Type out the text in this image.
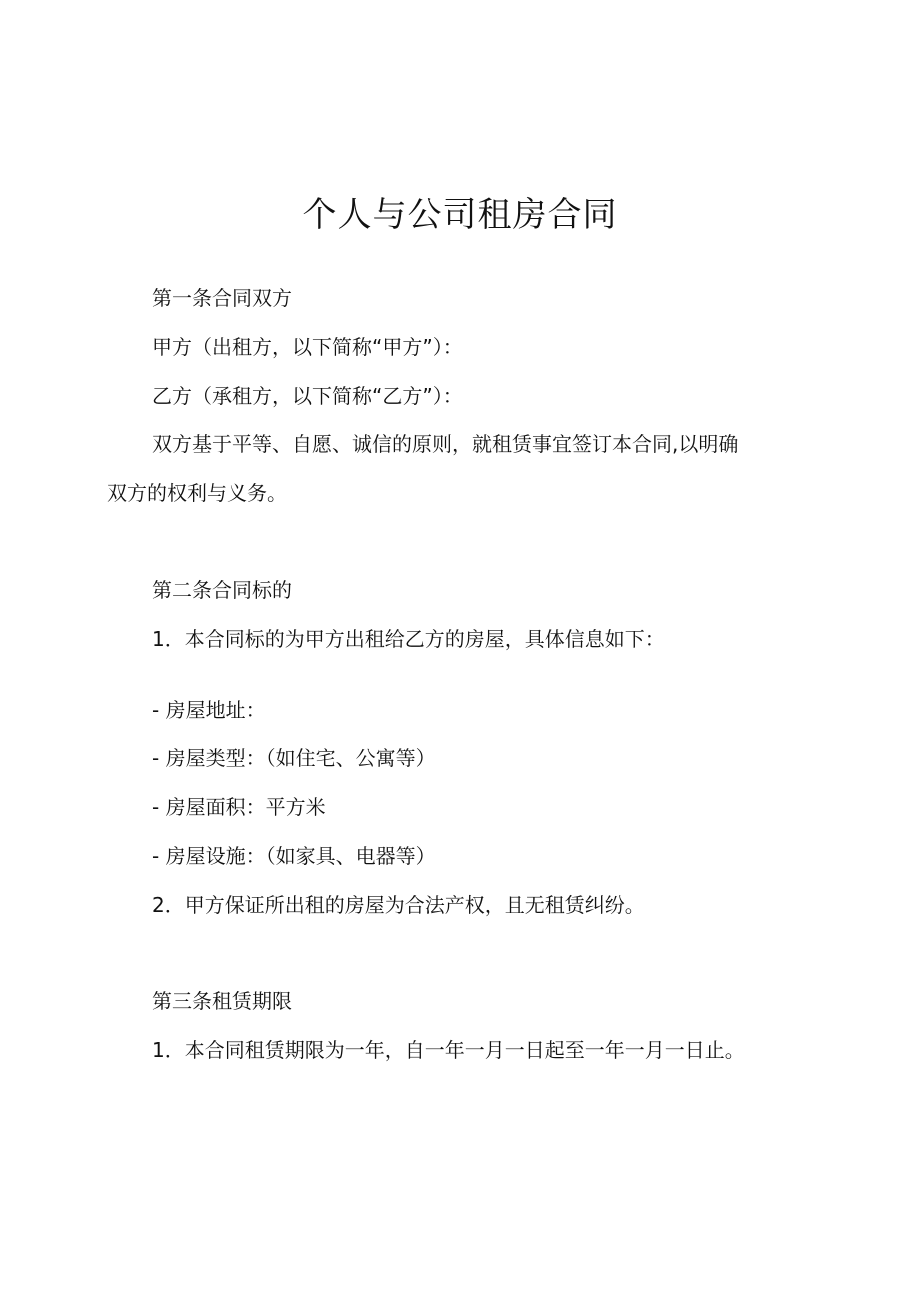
个人与公司租房合同
第一条合同双方
甲方（出租方，以下简称“甲方”）：
乙方（承租方，以下简称“乙方”）：
双方基于平等、自愿、诚信的原则，就租赁事宜签订本合同,以明确
双方的权利与义务。
第二条合同标的
1．本合同标的为甲方出租给乙方的房屋，具体信息如下：
- 房屋地址：
- 房屋类型：（如住宅、公寓等）
- 房屋面积：平方米
- 房屋设施：（如家具、电器等）
2．甲方保证所出租的房屋为合法产权，且无租赁纠纷。
第三条租赁期限
1．本合同租赁期限为一年，自一年一月一日起至一年一月一日止。
